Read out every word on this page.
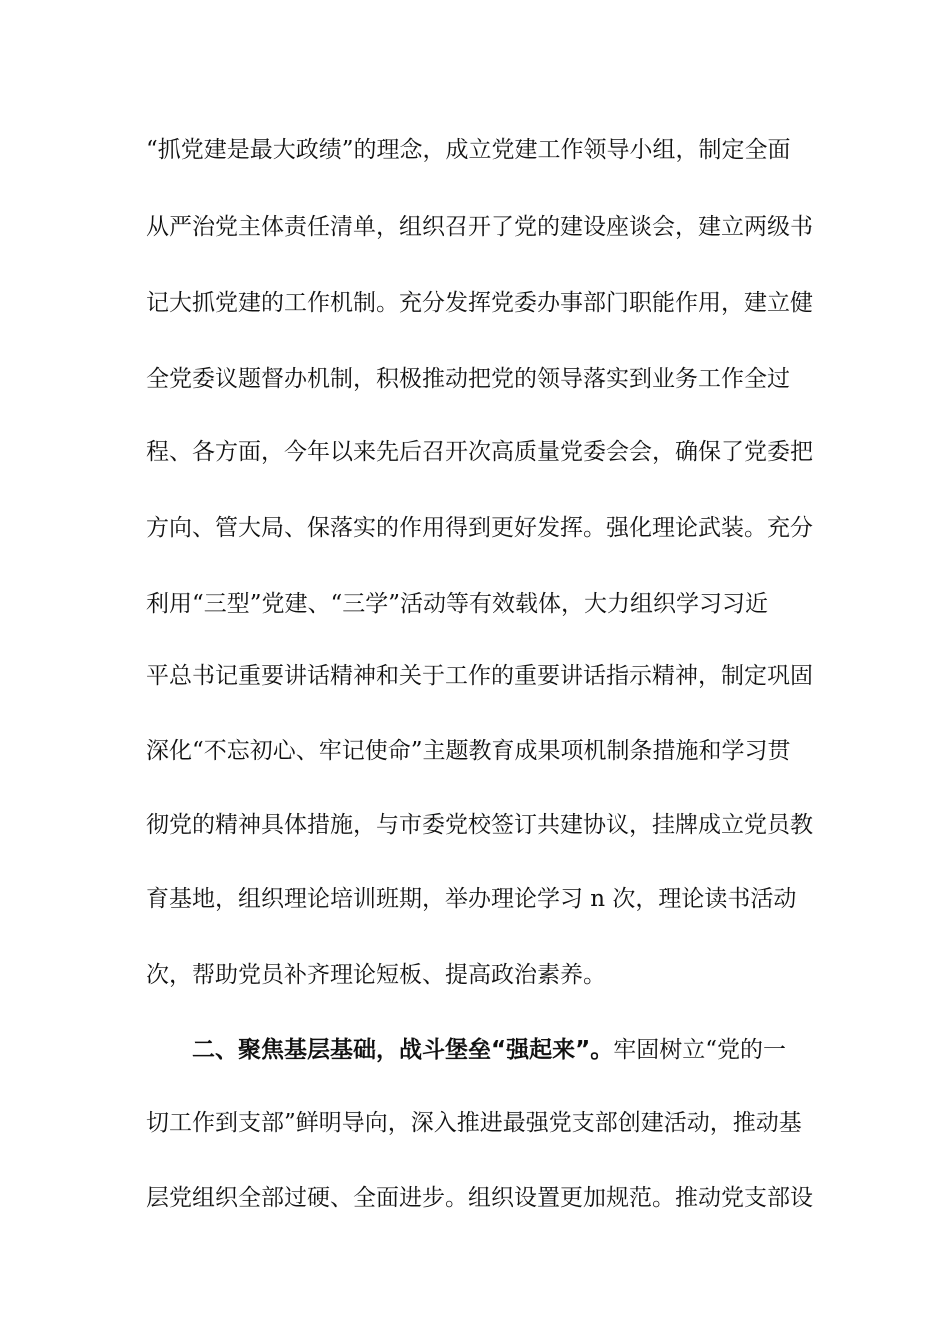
“抓党建是最大政绩”的理念，成立党建工作领导小组，制定全面
从严治党主体责任清单，组织召开了党的建设座谈会，建立两级书
记大抓党建的工作机制。充分发挥党委办事部门职能作用，建立健
全党委议题督办机制，积极推动把党的领导落实到业务工作全过
程、各方面，今年以来先后召开次高质量党委会会，确保了党委把
方向、管大局、保落实的作用得到更好发挥。强化理论武装。充分
利用“三型”党建、“三学”活动等有效载体，大力组织学习习近
平总书记重要讲话精神和关于工作的重要讲话指示精神，制定巩固
深化“不忘初心、牢记使命”主题教育成果项机制条措施和学习贯
彻党的精神具体措施，与市委党校签订共建协议，挂牌成立党员教
育基地，组织理论培训班期，举办理论学习 n 次，理论读书活动
次，帮助党员补齐理论短板、提高政治素养。
二、聚焦基层基础，战斗堡垒“强起来”。牢固树立“党的一
切工作到支部”鲜明导向，深入推进最强党支部创建活动，推动基
层党组织全部过硬、全面进步。组织设置更加规范。推动党支部设
